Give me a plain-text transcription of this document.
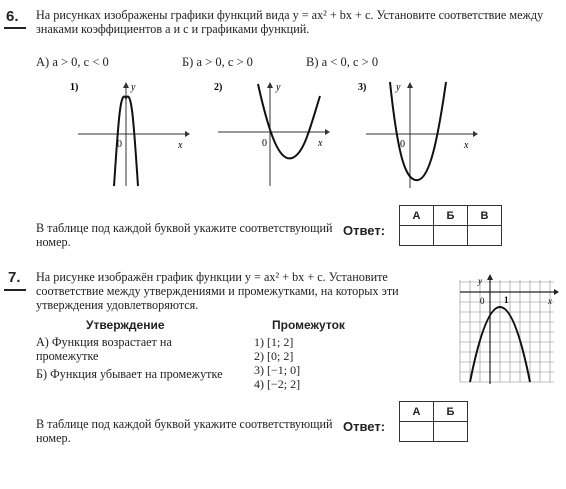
6. На рисунках изображены графики функций вида y = ax² + bx + c. Установите соответствие между знаками коэффициентов a и c и графиками функций.
А) a > 0, c < 0	Б) a > 0, c > 0	В) a < 0, c > 0
1)	y
x
0
2)	y
x
0
3)	y
x
0
В таблице под каждой буквой укажите соответствующий номер.
Ответ:
А	Б	В

7. На рисунке изображён график функции y = ax² + bx + c. Установите соответствие между утверждениями и промежутками, на которых эти утверждения удовлетворяются.
Утверждение	Промежуток
А) Функция возрастает на промежутке
Б) Функция убывает на промежутке
1) [1; 2]
2) [0; 2]
3) [−1; 0]
4) [−2; 2]
y
x
0 1
В таблице под каждой буквой укажите соответствующий номер.
Ответ:
А	Б
